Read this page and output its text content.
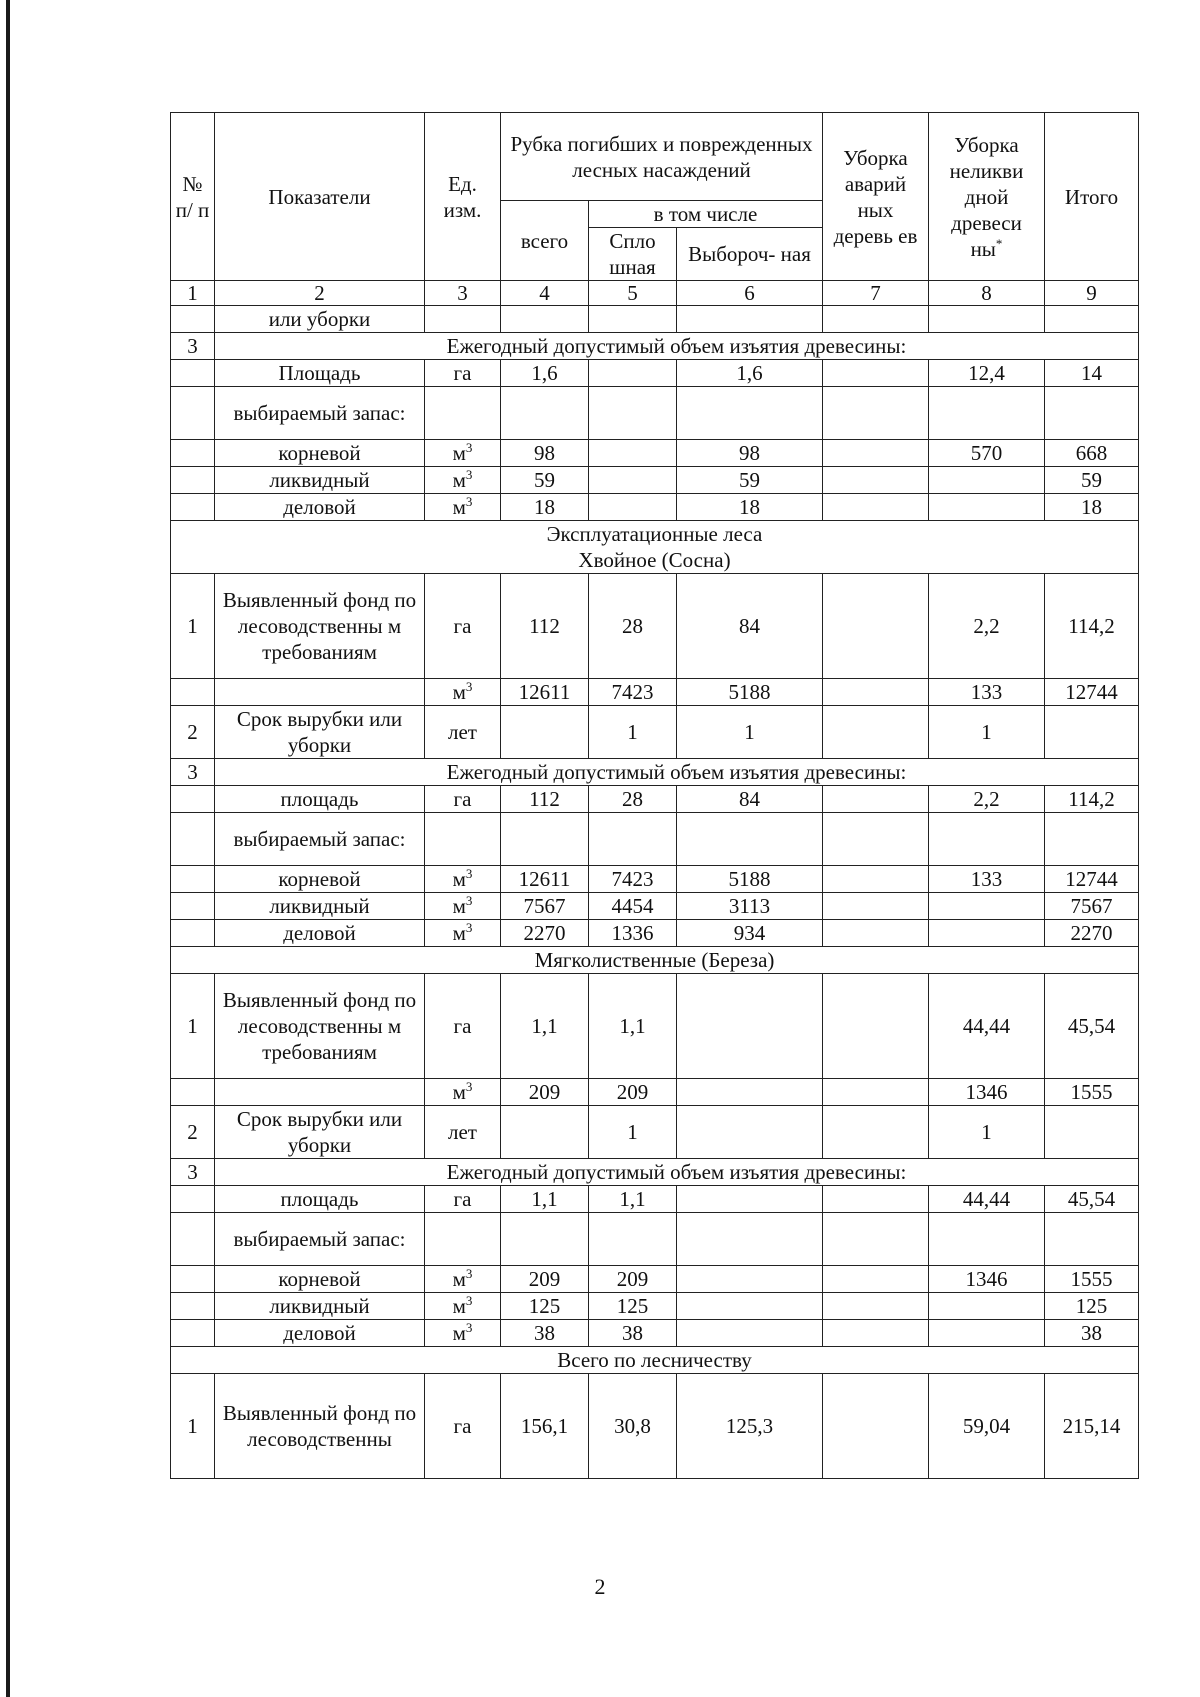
№ п/ п	Показатели	Ед. изм.	Рубка погибших и поврежденных лесных насаждений			Уборка аварий ных деревь ев	Уборка неликви дной древеси ны*	Итого
			всего	в том числе				
				Спло шная	Выбороч- ная			
1	2	3	4	5	6	7	8	9
	или уборки							
3	Ежегодный допустимый объем изъятия древесины:							
	Площадь	га	1,6		1,6		12,4	14
	выбираемый запас:							
	корневой	$м^3$	98		98		570	668
	ликвидный	$м^3$	59		59			59
	деловой	$м^3$	18		18			18

Эксплуатационные леса
Хвойное (Сосна)								

1	Выявленный фонд по лесоводственны м требованиям	га	112	28	84		2,2	114,2
		$м^3$	12611	7423	5188		133	12744
2	Срок вырубки или уборки	лет		1	1		1	
3	Ежегодный допустимый объем изъятия древесины:							
	площадь	га	112	28	84		2,2	114,2
	выбираемый запас:							
	корневой	$м^3$	12611	7423	5188		133	12744
	ликвидный	$м^3$	7567	4454	3113			7567
	деловой	$м^3$	2270	1336	934			2270
Мягколиственные (Береза)								
1	Выявленный фонд по лесоводственны м требованиям	га	1,1	1,1			44,44	45,54
		$м^3$	209	209			1346	1555
2	Срок вырубки или уборки	лет		1			1	
3	Ежегодный допустимый объем изъятия древесины:							
	площадь	га	1,1	1,1			44,44	45,54
	выбираемый запас:							
	корневой	$м^3$	209	209			1346	1555
	ликвидный	$м^3$	125	125				125
	деловой	$м^3$	38	38				38
Всего по лесничеству								
1	Выявленный фонд по лесоводственны	га	156,1	30,8	125,3		59,04	215,14
2
